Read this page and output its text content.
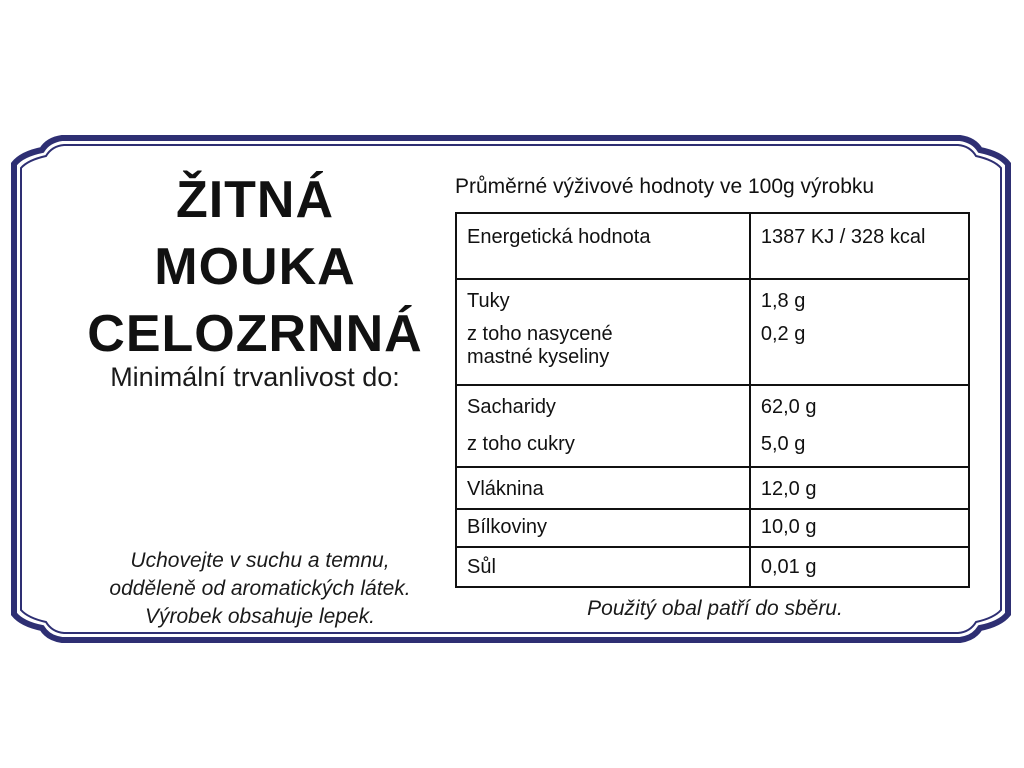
ŽITNÁ
MOUKA
CELOZRNNÁ
Minimální trvanlivost do:
Uchovejte v suchu a temnu,
odděleně od aromatických látek.
Výrobek obsahuje lepek.
Průměrné výživové hodnoty ve 100g výrobku
Energetická hodnota	1387 KJ / 328 kcal
Tuky	1,8 g

z toho nasycené
mastné kyseliny	0,2 g
Sacharidy	62,0 g
z toho cukry	5,0 g
Vláknina	12,0 g
Bílkoviny	10,0 g
Sůl	0,01 g
Použitý obal patří do sběru.
